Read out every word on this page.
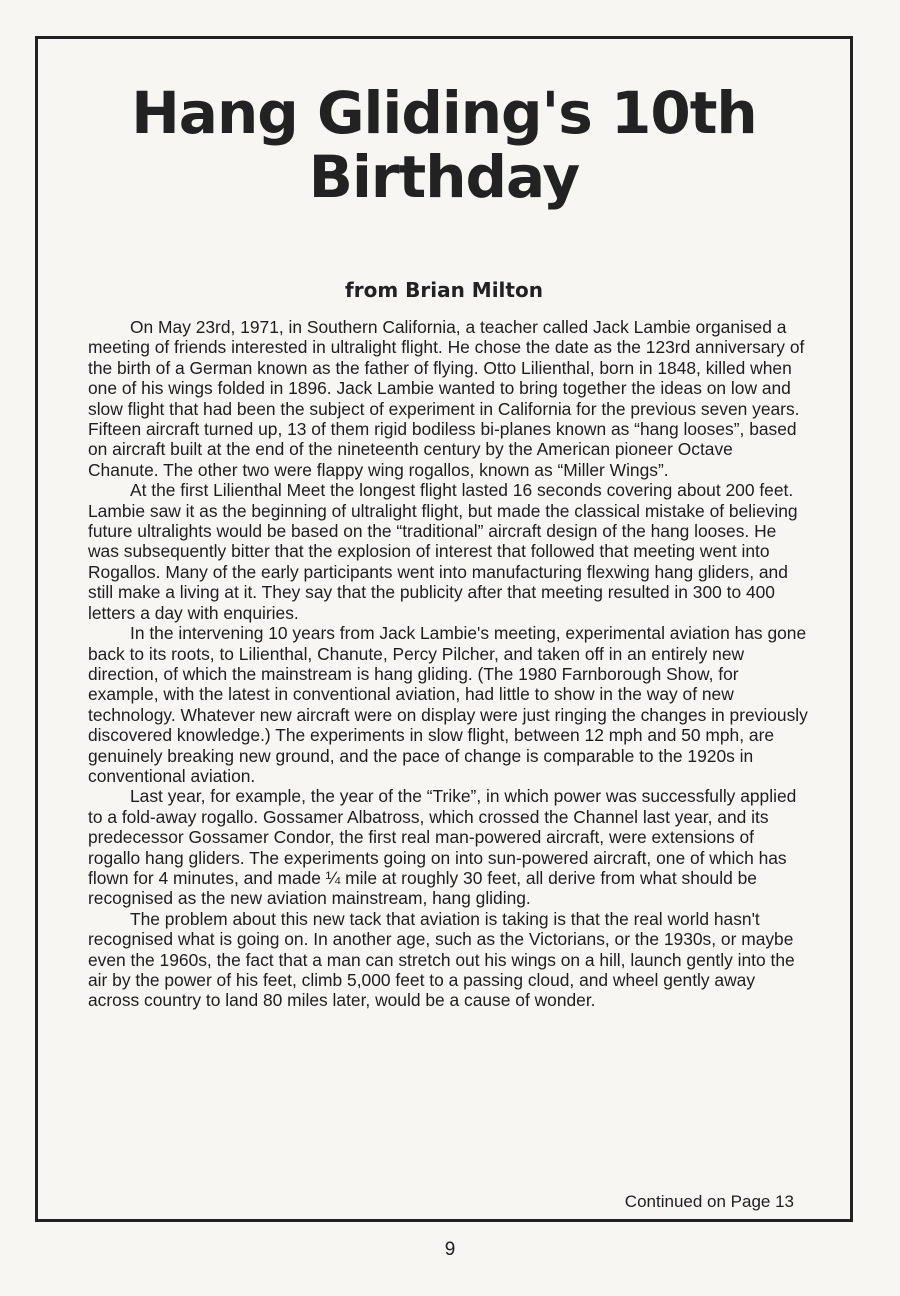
Hang Gliding's 10th Birthday
from Brian Milton

On May 23rd, 1971, in Southern California, a teacher called Jack Lambie organised a meeting of friends interested in ultralight flight. He chose the date as the 123rd anniversary of the birth of a German known as the father of flying. Otto Lilienthal, born in 1848, killed when one of his wings folded in 1896. Jack Lambie wanted to bring together the ideas on low and slow flight that had been the subject of experiment in California for the previous seven years. Fifteen aircraft turned up, 13 of them rigid bodiless bi-planes known as “hang looses”, based on aircraft built at the end of the nineteenth century by the American pioneer Octave Chanute. The other two were flappy wing rogallos, known as “Miller Wings”.

At the first Lilienthal Meet the longest flight lasted 16 seconds covering about 200 feet. Lambie saw it as the beginning of ultralight flight, but made the classical mistake of believing future ultralights would be based on the “traditional” aircraft design of the hang looses. He was subsequently bitter that the explosion of interest that followed that meeting went into Rogallos. Many of the early participants went into manufacturing flexwing hang gliders, and still make a living at it. They say that the publicity after that meeting resulted in 300 to 400 letters a day with enquiries.

In the intervening 10 years from Jack Lambie's meeting, experimental aviation has gone back to its roots, to Lilienthal, Chanute, Percy Pilcher, and taken off in an entirely new direction, of which the mainstream is hang gliding. (The 1980 Farnborough Show, for example, with the latest in conventional aviation, had little to show in the way of new technology. Whatever new aircraft were on display were just ringing the changes in previously discovered knowledge.) The experiments in slow flight, between 12 mph and 50 mph, are genuinely breaking new ground, and the pace of change is comparable to the 1920s in conventional aviation.

Last year, for example, the year of the “Trike”, in which power was successfully applied to a fold-away rogallo. Gossamer Albatross, which crossed the Channel last year, and its predecessor Gossamer Condor, the first real man-powered aircraft, were extensions of rogallo hang gliders. The experiments going on into sun-powered aircraft, one of which has flown for 4 minutes, and made ¼ mile at roughly 30 feet, all derive from what should be recognised as the new aviation mainstream, hang gliding.

The problem about this new tack that aviation is taking is that the real world hasn't recognised what is going on. In another age, such as the Victorians, or the 1930s, or maybe even the 1960s, the fact that a man can stretch out his wings on a hill, launch gently into the air by the power of his feet, climb 5,000 feet to a passing cloud, and wheel gently away across country to land 80 miles later, would be a cause of wonder.

Continued on Page 13
9
